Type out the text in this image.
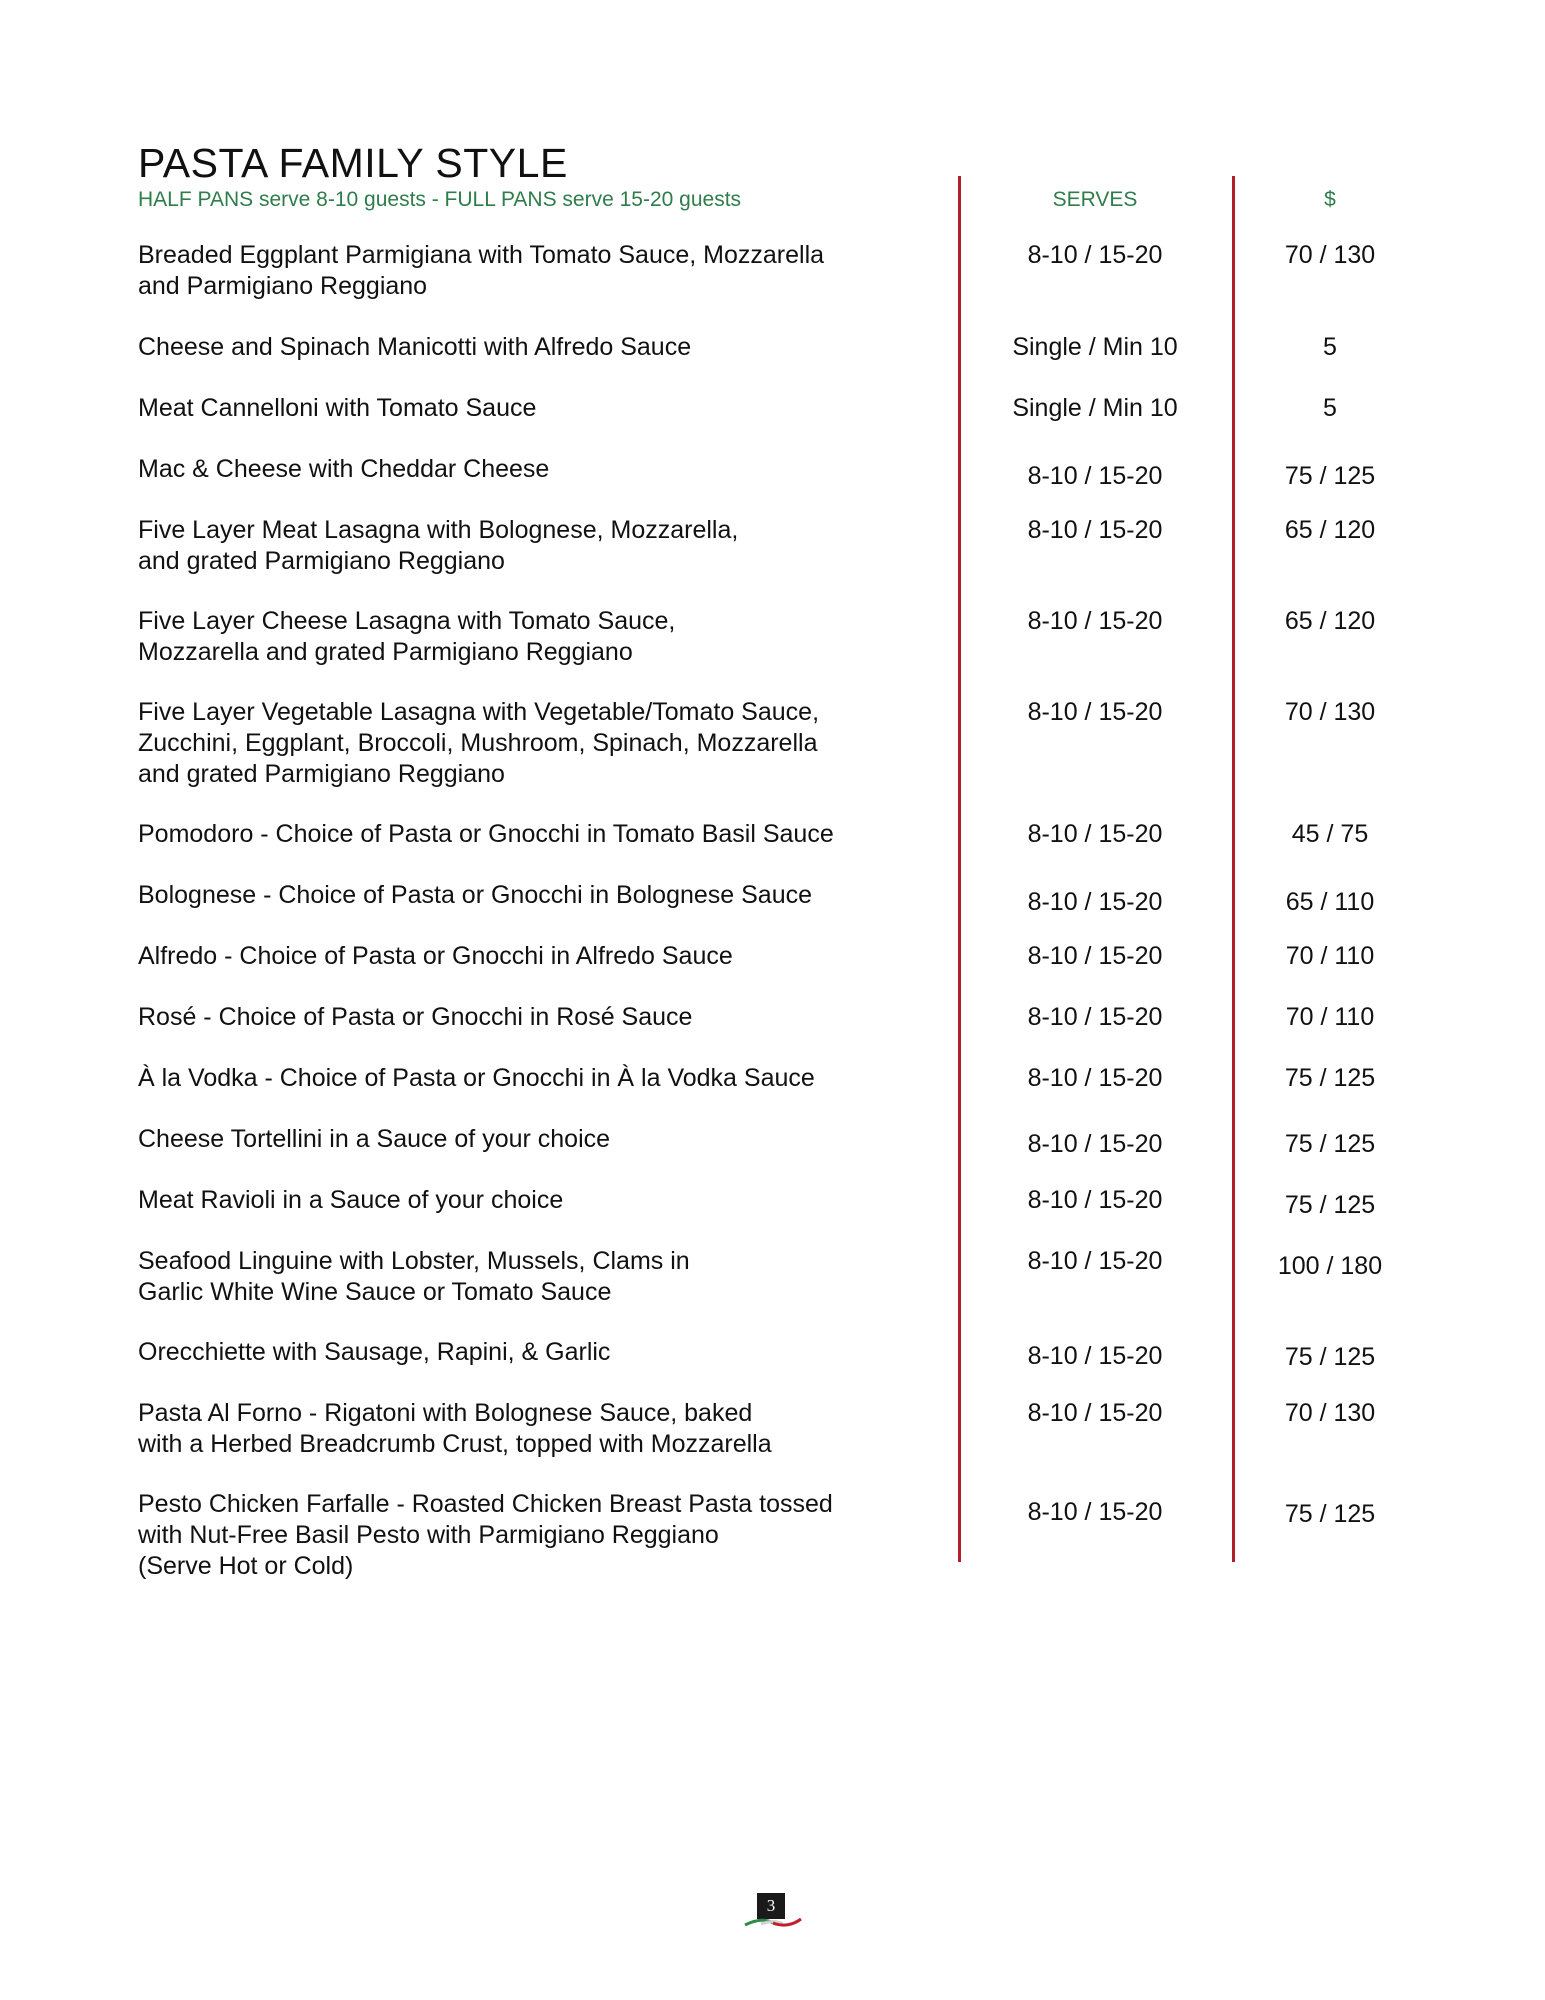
PASTA FAMILY STYLE
HALF PANS serve 8-10 guests - FULL PANS serve 15-20 guests	SERVES	$
Breaded Eggplant Parmigiana with Tomato Sauce, Mozzarella
and Parmigiano Reggiano
8-10 / 15-20	70 / 130
Cheese and Spinach Manicotti with Alfredo Sauce	Single / Min 10	5
Meat Cannelloni with Tomato Sauce	Single / Min 10	5
Mac & Cheese with Cheddar Cheese	8-10 / 15-20	75 / 125
Five Layer Meat Lasagna with Bolognese, Mozzarella,
and grated Parmigiano Reggiano
8-10 / 15-20	65 / 120
Five Layer Cheese Lasagna with Tomato Sauce,
Mozzarella and grated Parmigiano Reggiano
8-10 / 15-20	65 / 120
Five Layer Vegetable Lasagna with Vegetable/Tomato Sauce,
Zucchini, Eggplant, Broccoli, Mushroom, Spinach, Mozzarella
and grated Parmigiano Reggiano
8-10 / 15-20	70 / 130
Pomodoro - Choice of Pasta or Gnocchi in Tomato Basil Sauce	8-10 / 15-20	45 / 75
Bolognese - Choice of Pasta or Gnocchi in Bolognese Sauce	8-10 / 15-20	65 / 110
Alfredo - Choice of Pasta or Gnocchi in Alfredo Sauce	8-10 / 15-20	70 / 110
Rosé - Choice of Pasta or Gnocchi in Rosé Sauce	8-10 / 15-20	70 / 110
À la Vodka - Choice of Pasta or Gnocchi in À la Vodka Sauce	8-10 / 15-20	75 / 125
Cheese Tortellini in a Sauce of your choice	8-10 / 15-20	75 / 125
Meat Ravioli in a Sauce of your choice	8-10 / 15-20	75 / 125
Seafood Linguine with Lobster, Mussels, Clams in
Garlic White Wine Sauce or Tomato Sauce
8-10 / 15-20	100 / 180
Orecchiette with Sausage, Rapini, & Garlic	8-10 / 15-20	75 / 125
Pasta Al Forno - Rigatoni with Bolognese Sauce, baked
with a Herbed Breadcrumb Crust, topped with Mozzarella
8-10 / 15-20	70 / 130
Pesto Chicken Farfalle - Roasted Chicken Breast Pasta tossed
with Nut-Free Basil Pesto with Parmigiano Reggiano
(Serve Hot or Cold)
8-10 / 15-20	75 / 125
3
